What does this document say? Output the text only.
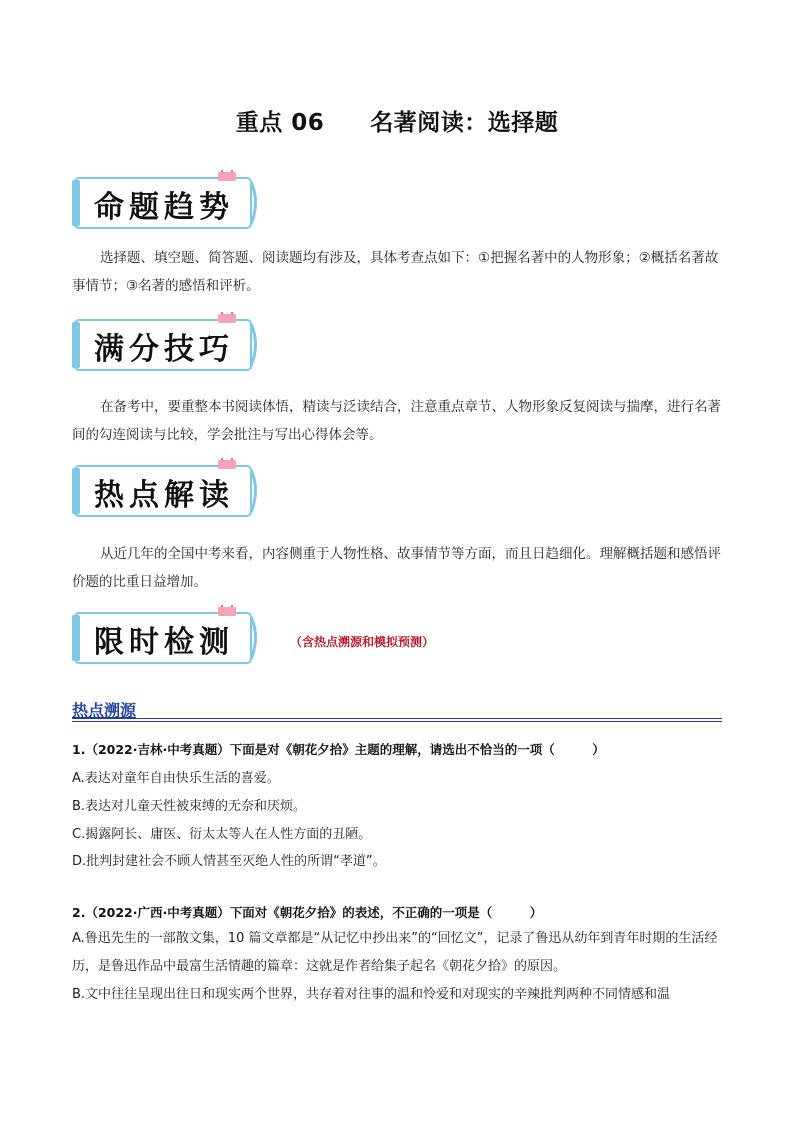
重点 06 名著阅读：选择题
命题趋势
选择题、填空题、简答题、阅读题均有涉及，具体考查点如下：①把握名著中的人物形象；②概括名著故事情节；③名著的感悟和评析。
满分技巧
在备考中，要重整本书阅读体悟，精读与泛读结合，注意重点章节、人物形象反复阅读与揣摩，进行名著间的勾连阅读与比较，学会批注与写出心得体会等。
热点解读
从近几年的全国中考来看，内容侧重于人物性格、故事情节等方面，而且日趋细化。理解概括题和感悟评价题的比重日益增加。
限时检测	（含热点溯源和模拟预测）
热点溯源
1.（2022·吉林·中考真题）下面是对《朝花夕拾》主题的理解，请选出不恰当的一项（　　　）
A.表达对童年自由快乐生活的喜爱。
B.表达对儿童天性被束缚的无奈和厌烦。
C.揭露阿长、庸医、衍太太等人在人性方面的丑陋。
D.批判封建社会不顾人情甚至灭绝人性的所谓“孝道”。
2.（2022·广西·中考真题）下面对《朝花夕拾》的表述，不正确的一项是（　　　）
A.鲁迅先生的一部散文集，10 篇文章都是“从记忆中抄出来”的“回忆文”，记录了鲁迅从幼年到青年时期的生活经历，是鲁迅作品中最富生活情趣的篇章：这就是作者给集子起名《朝花夕拾》的原因。
B.文中往往呈现出往日和现实两个世界，共存着对往事的温和怜爱和对现实的辛辣批判两种不同情感和温
